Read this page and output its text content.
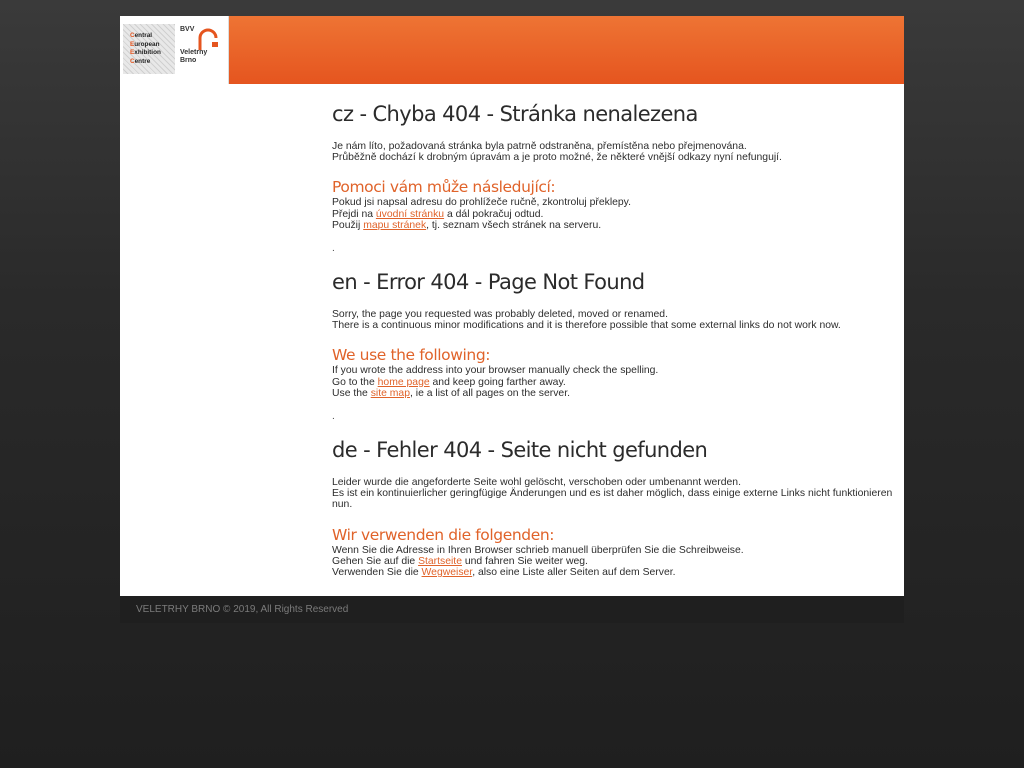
Central
European
Exhibition
Centre
BVV
Veletrhy
Brno
cz - Chyba 404 - Stránka nenalezena

Je nám líto, požadovaná stránka byla patrně odstraněna, přemístěna nebo přejmenována.

Průběžně dochází k drobným úpravám a je proto možné, že některé vnější odkazy nyní nefungují.

Pomoci vám může následující:

Pokud jsi napsal adresu do prohlížeče ručně, zkontroluj překlepy.

Přejdi na úvodní stránku a dál pokračuj odtud.

Použij mapu stránek, tj. seznam všech stránek na serveru.

.
en - Error 404 - Page Not Found

Sorry, the page you requested was probably deleted, moved or renamed.

There is a continuous minor modifications and it is therefore possible that some external links do not work now.

We use the following:

If you wrote the address into your browser manually check the spelling.

Go to the home page and keep going farther away.

Use the site map, ie a list of all pages on the server.

.
de - Fehler 404 - Seite nicht gefunden

Leider wurde die angeforderte Seite wohl gelöscht, verschoben oder umbenannt werden.

Es ist ein kontinuierlicher geringfügige Änderungen und es ist daher möglich, dass einige externe Links nicht funktionieren nun.

Wir verwenden die folgenden:

Wenn Sie die Adresse in Ihren Browser schrieb manuell überprüfen Sie die Schreibweise.

Gehen Sie auf die Startseite und fahren Sie weiter weg.

Verwenden Sie die Wegweiser, also eine Liste aller Seiten auf dem Server.

VELETRHY BRNO © 2019, All Rights Reserved
